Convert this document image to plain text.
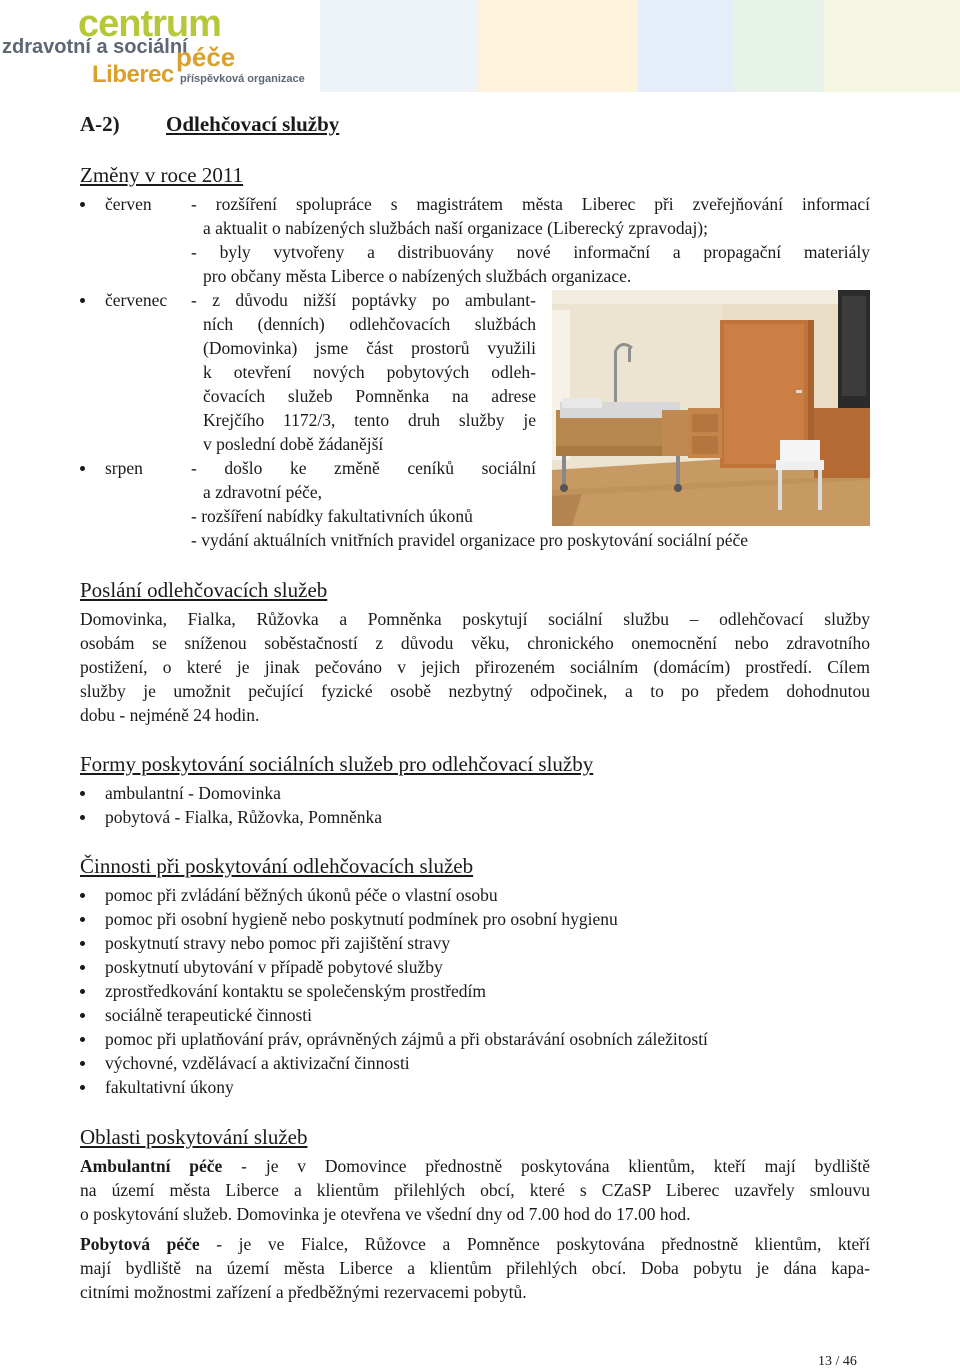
centrum
zdravotní a sociální
péče
Liberec příspěvková organizace
A-2) Odlehčovací služby
Změny v roce 2011
červen - rozšíření spolupráce s magistrátem města Liberec při zveřejňování informací
a aktualit o nabízených službách naší organizace (Liberecký zpravodaj);
- byly vytvořeny a distribuovány nové informační a propagační materiály
pro občany města Liberce o nabízených službách organizace.
červenec - z důvodu nižší poptávky po ambulant-
ních (denních) odlehčovacích službách
(Domovinka) jsme část prostorů využili
k otevření nových pobytových odleh-
čovacích služeb Pomněnka na adrese
Krejčího 1172/3, tento druh služby je
v poslední době žádanější
srpen	- došlo ke změně ceníků sociální
a zdravotní péče,
- rozšíření nabídky fakultativních úkonů
- vydání aktuálních vnitřních pravidel organizace pro poskytování sociální péče
Poslání odlehčovacích služeb
Domovinka, Fialka, Růžovka a Pomněnka poskytují sociální službu – odlehčovací služby
osobám se sníženou soběstačností z důvodu věku, chronického onemocnění nebo zdravotního
postižení, o které je jinak pečováno v jejich přirozeném sociálním (domácím) prostředí. Cílem
služby je umožnit pečující fyzické osobě nezbytný odpočinek, a to po předem dohodnutou
dobu - nejméně 24 hodin.
Formy poskytování sociálních služeb pro odlehčovací služby
ambulantní - Domovinka
pobytová - Fialka, Růžovka, Pomněnka
Činnosti při poskytování odlehčovacích služeb
pomoc při zvládání běžných úkonů péče o vlastní osobu
pomoc při osobní hygieně nebo poskytnutí podmínek pro osobní hygienu
poskytnutí stravy nebo pomoc při zajištění stravy
poskytnutí ubytování v případě pobytové služby
zprostředkování kontaktu se společenským prostředím
sociálně terapeutické činnosti
pomoc při uplatňování práv, oprávněných zájmů a při obstarávání osobních záležitostí
výchovné, vzdělávací a aktivizační činnosti
fakultativní úkony
Oblasti poskytování služeb
Ambulantní péče - je v Domovince přednostně poskytována klientům, kteří mají bydliště
na území města Liberce a klientům přilehlých obcí, které s CZaSP Liberec uzavřely smlouvu
o poskytování služeb. Domovinka je otevřena ve všední dny od 7.00 hod do 17.00 hod.
Pobytová péče - je ve Fialce, Růžovce a Pomněnce poskytována přednostně klientům, kteří
mají bydliště na území města Liberce a klientům přilehlých obcí. Doba pobytu je dána kapa-
citními možnostmi zařízení a předběžnými rezervacemi pobytů.
13 / 46
